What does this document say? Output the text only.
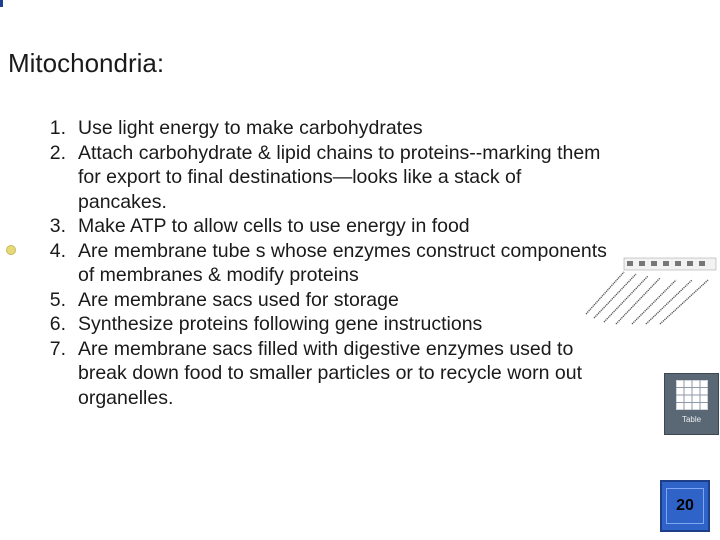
Mitochondria:
1. Use light energy to make carbohydrates
2. Attach carbohydrate & lipid chains to proteins--marking them for export to final destinations—looks like a stack of pancakes.
3. Make ATP to allow cells to use energy in food
4. Are membrane tube s whose enzymes construct components of membranes & modify proteins
5. Are membrane sacs used for storage
6. Synthesize proteins following gene instructions
7. Are membrane sacs filled with digestive enzymes used to break down food to smaller particles or to recycle worn out organelles.
Table
20
